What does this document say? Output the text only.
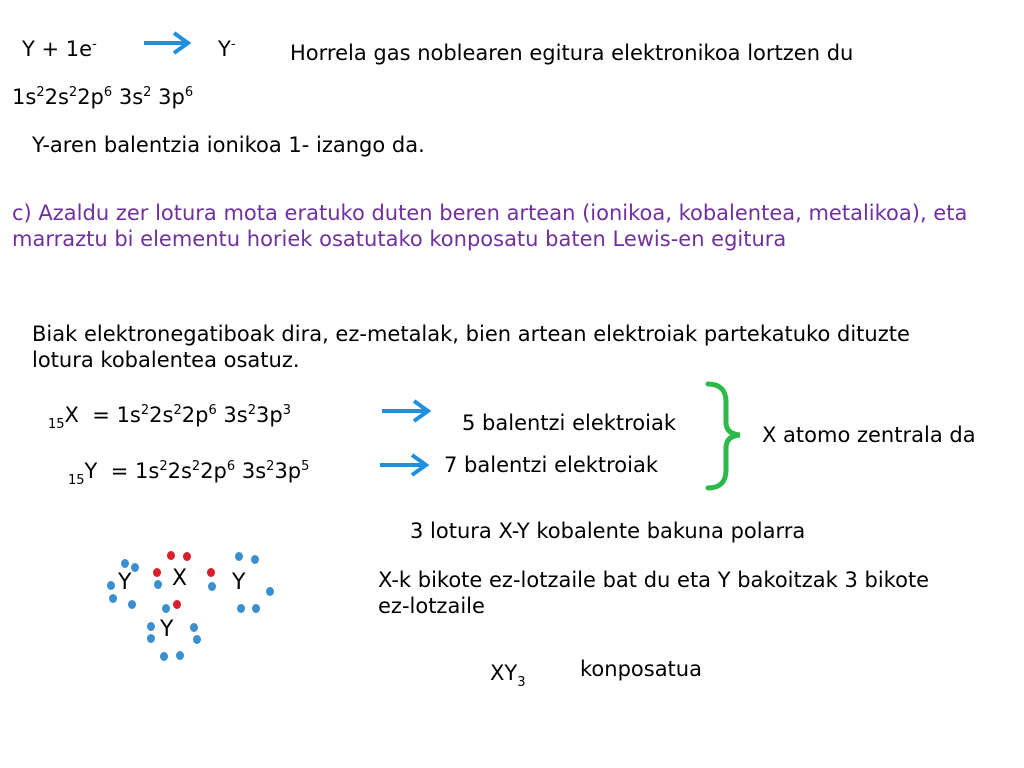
Y + 1e-	Y-	Horrela gas noblearen egitura elektronikoa lortzen du
$1s^22s^22p^6$ $3s^2$ $3p^6$
Y-aren balentzia ionikoa 1- izango da.
c) Azaldu zer lotura mota eratuko duten beren artean (ionikoa, kobalentea, metalikoa), eta marraztu bi elementu horiek osatutako konposatu baten Lewis-en egitura
Biak elektronegatiboak dira, ez-metalak, bien artean elektroiak partekatuko dituzte lotura kobalentea osatuz.
$_{15}X = 1s^22s^22p^6$ $3s^23p^3$
5 balentzi elektroiak
$_{15}Y = 1s^22s^22p^6$ $3s^23p^5$	7 balentzi elektroiak
X atomo zentrala da
3 lotura X-Y kobalente bakuna polarra
Y X Y
Y
X-k bikote ez-lotzaile bat du eta Y bakoitzak 3 bikote ez-lotzaile
$XY_3$
konposatua
